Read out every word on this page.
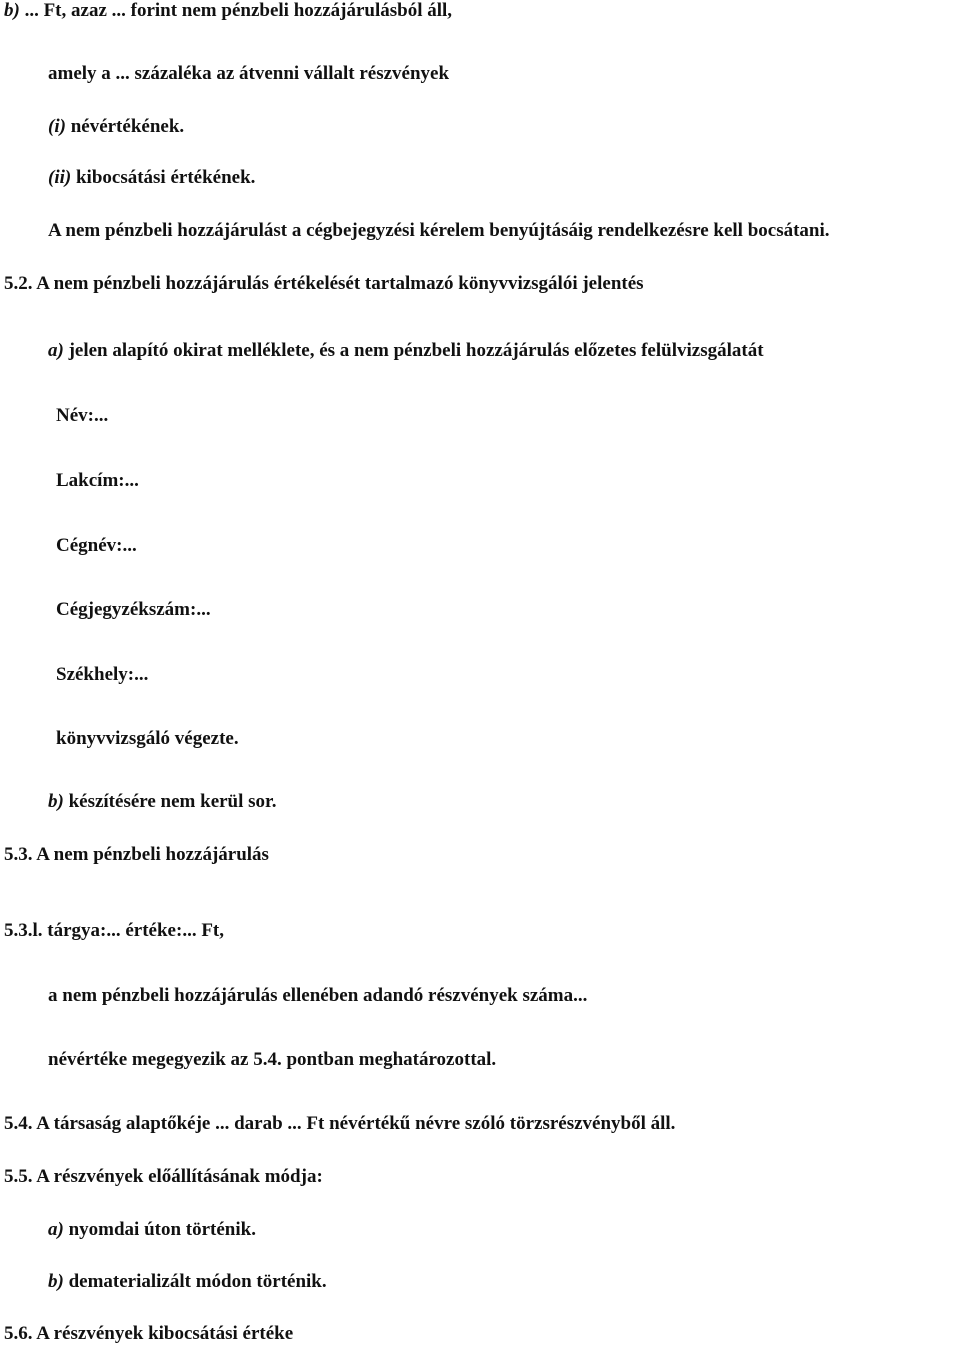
b) ... Ft, azaz ... forint nem pénzbeli hozzájárulásból áll,
amely a ... százaléka az átvenni vállalt részvények
(i) névértékének.
(ii) kibocsátási értékének.
A nem pénzbeli hozzájárulást a cégbejegyzési kérelem benyújtásáig rendelkezésre kell bocsátani.
5.2. A nem pénzbeli hozzájárulás értékelését tartalmazó könyvvizsgálói jelentés
a) jelen alapító okirat melléklete, és a nem pénzbeli hozzájárulás előzetes felülvizsgálatát
Név:...
Lakcím:...
Cégnév:...
Cégjegyzékszám:...
Székhely:...
könyvvizsgáló végezte.
b) készítésére nem kerül sor.
5.3. A nem pénzbeli hozzájárulás
5.3.l. tárgya:... értéke:... Ft,
a nem pénzbeli hozzájárulás ellenében adandó részvények száma...
névértéke megegyezik az 5.4. pontban meghatározottal.
5.4. A társaság alaptőkéje ... darab ... Ft névértékű névre szóló törzsrészvényből áll.
5.5. A részvények előállításának módja:
a) nyomdai úton történik.
b) dematerializált módon történik.
5.6. A részvények kibocsátási értéke
